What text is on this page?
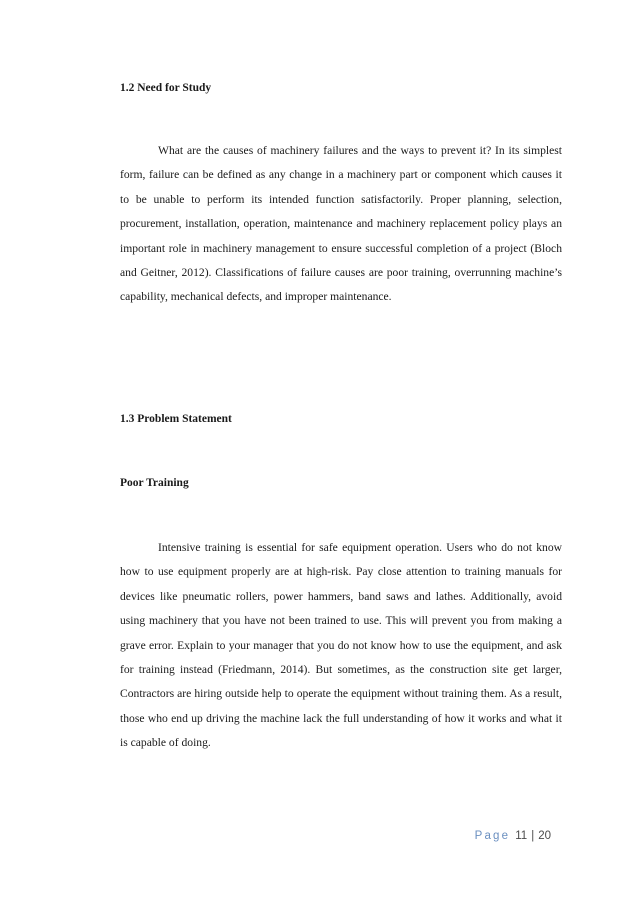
1.2 Need for Study
What are the causes of machinery failures and the ways to prevent it? In its simplest form, failure can be defined as any change in a machinery part or component which causes it to be unable to perform its intended function satisfactorily. Proper planning, selection, procurement, installation, operation, maintenance and machinery replacement policy plays an important role in machinery management to ensure successful completion of a project (Bloch and Geitner, 2012). Classifications of failure causes are poor training, overrunning machine’s capability, mechanical defects, and improper maintenance.
1.3 Problem Statement
Poor Training
Intensive training is essential for safe equipment operation. Users who do not know how to use equipment properly are at high-risk. Pay close attention to training manuals for devices like pneumatic rollers, power hammers, band saws and lathes. Additionally, avoid using machinery that you have not been trained to use. This will prevent you from making a grave error. Explain to your manager that you do not know how to use the equipment, and ask for training instead (Friedmann, 2014). But sometimes, as the construction site get larger, Contractors are hiring outside help to operate the equipment without training them. As a result, those who end up driving the machine lack the full understanding of how it works and what it is capable of doing.
Page 11 | 20
